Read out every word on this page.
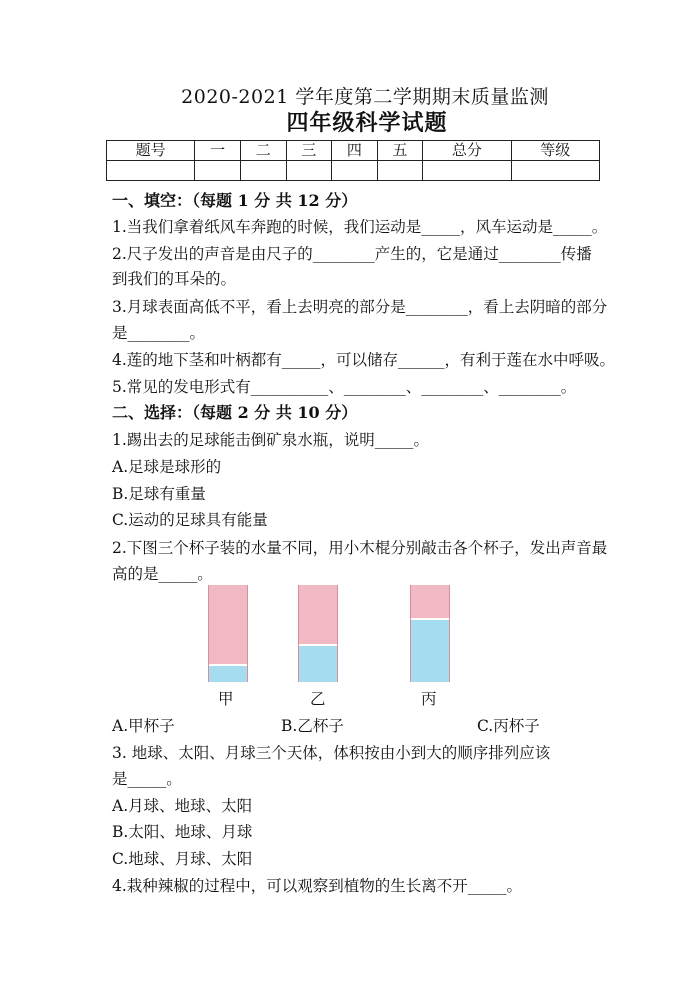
2020-2021 学年度第二学期期末质量监测
四年级科学试题
题号	一	二	三	四	五	总分	等级

一、填空：（每题 1 分 共 12 分）
1.当我们拿着纸风车奔跑的时候，我们运动是_____，风车运动是_____。
2.尺子发出的声音是由尺子的________产生的，它是通过________传播
到我们的耳朵的。
3.月球表面高低不平，看上去明亮的部分是________，看上去阴暗的部分
是________。
4.莲的地下茎和叶柄都有_____，可以储存______，有利于莲在水中呼吸。
5.常见的发电形式有__________、________、________、________。
二、选择：（每题 2 分 共 10 分）
1.踢出去的足球能击倒矿泉水瓶，说明_____。
A.足球是球形的
B.足球有重量
C.运动的足球具有能量
2.下图三个杯子装的水量不同，用小木棍分别敲击各个杯子，发出声音最
高的是_____。
甲	乙	丙
A.甲杯子	B.乙杯子	C.丙杯子
3. 地球、太阳、月球三个天体，体积按由小到大的顺序排列应该
是_____。
A.月球、地球、太阳
B.太阳、地球、月球
C.地球、月球、太阳
4.栽种辣椒的过程中，可以观察到植物的生长离不开_____。
